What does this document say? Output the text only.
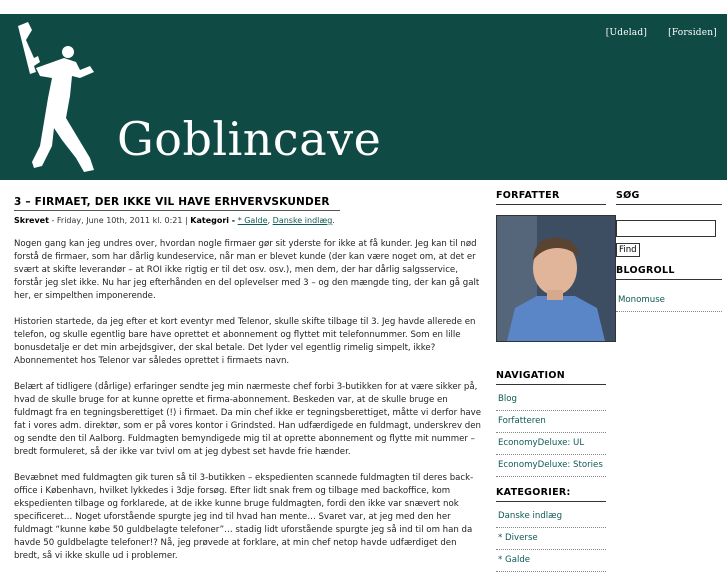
[Udelad] [Forsiden]
Goblincave
3 – FIRMAET, DER IKKE VIL HAVE ERHVERVSKUNDER
Skrevet - Friday, June 10th, 2011 kl. 0:21 | Kategori - * Galde, Danske indlæg.

Nogen gang kan jeg undres over, hvordan nogle firmaer gør sit yderste for ikke at få kunder. Jeg kan til nød forstå de firmaer, som har dårlig kundeservice, når man er blevet kunde (der kan være noget om, at det er svært at skifte leverandør – at ROI ikke rigtig er til det osv. osv.), men dem, der har dårlig salgsservice, forstår jeg slet ikke. Nu har jeg efterhånden en del oplevelser med 3 – og den mængde ting, der kan gå galt her, er simpelthen imponerende.

Historien startede, da jeg efter et kort eventyr med Telenor, skulle skifte tilbage til 3. Jeg havde allerede en telefon, og skulle egentlig bare have oprettet et abonnement og flyttet mit telefonnummer. Som en lille bonusdetalje er det min arbejdsgiver, der skal betale. Det lyder vel egentlig rimelig simpelt, ikke? Abonnementet hos Telenor var således oprettet i firmaets navn.

Belært af tidligere (dårlige) erfaringer sendte jeg min nærmeste chef forbi 3-butikken for at være sikker på, hvad de skulle bruge for at kunne oprette et firma-abonnement. Beskeden var, at de skulle bruge en fuldmagt fra en tegningsberettiget (!) i firmaet. Da min chef ikke er tegningsberettiget, måtte vi derfor have fat i vores adm. direktør, som er på vores kontor i Grindsted. Han udfærdigede en fuldmagt, underskrev den og sendte den til Aalborg. Fuldmagten bemyndigede mig til at oprette abonnement og flytte mit nummer – bredt formuleret, så der ikke var tvivl om at jeg dybest set havde frie hænder.

Bevæbnet med fuldmagten gik turen så til 3-butikken – ekspedienten scannede fuldmagten til deres back-office i København, hvilket lykkedes i 3dje forsøg. Efter lidt snak frem og tilbage med backoffice, kom ekspedienten tilbage og forklarede, at de ikke kunne bruge fuldmagten, fordi den ikke var snævert nok specificeret… Noget uforstående spurgte jeg ind til hvad han mente… Svaret var, at jeg med den her fuldmagt “kunne købe 50 guldbelagte telefoner”… stadig lidt uforstående spurgte jeg så ind til om han da havde 50 guldbelagte telefoner!? Nå, jeg prøvede at forklare, at min chef netop havde udfærdiget den bredt, så vi ikke skulle ud i problemer.

FORFATTER
NAVIGATION
Blog
Forfatteren
EconomyDeluxe: UL
EconomyDeluxe: Stories
KATEGORIER:
Danske indlæg
* Diverse
* Galde
SØG
Find
BLOGROLL
Monomuse
